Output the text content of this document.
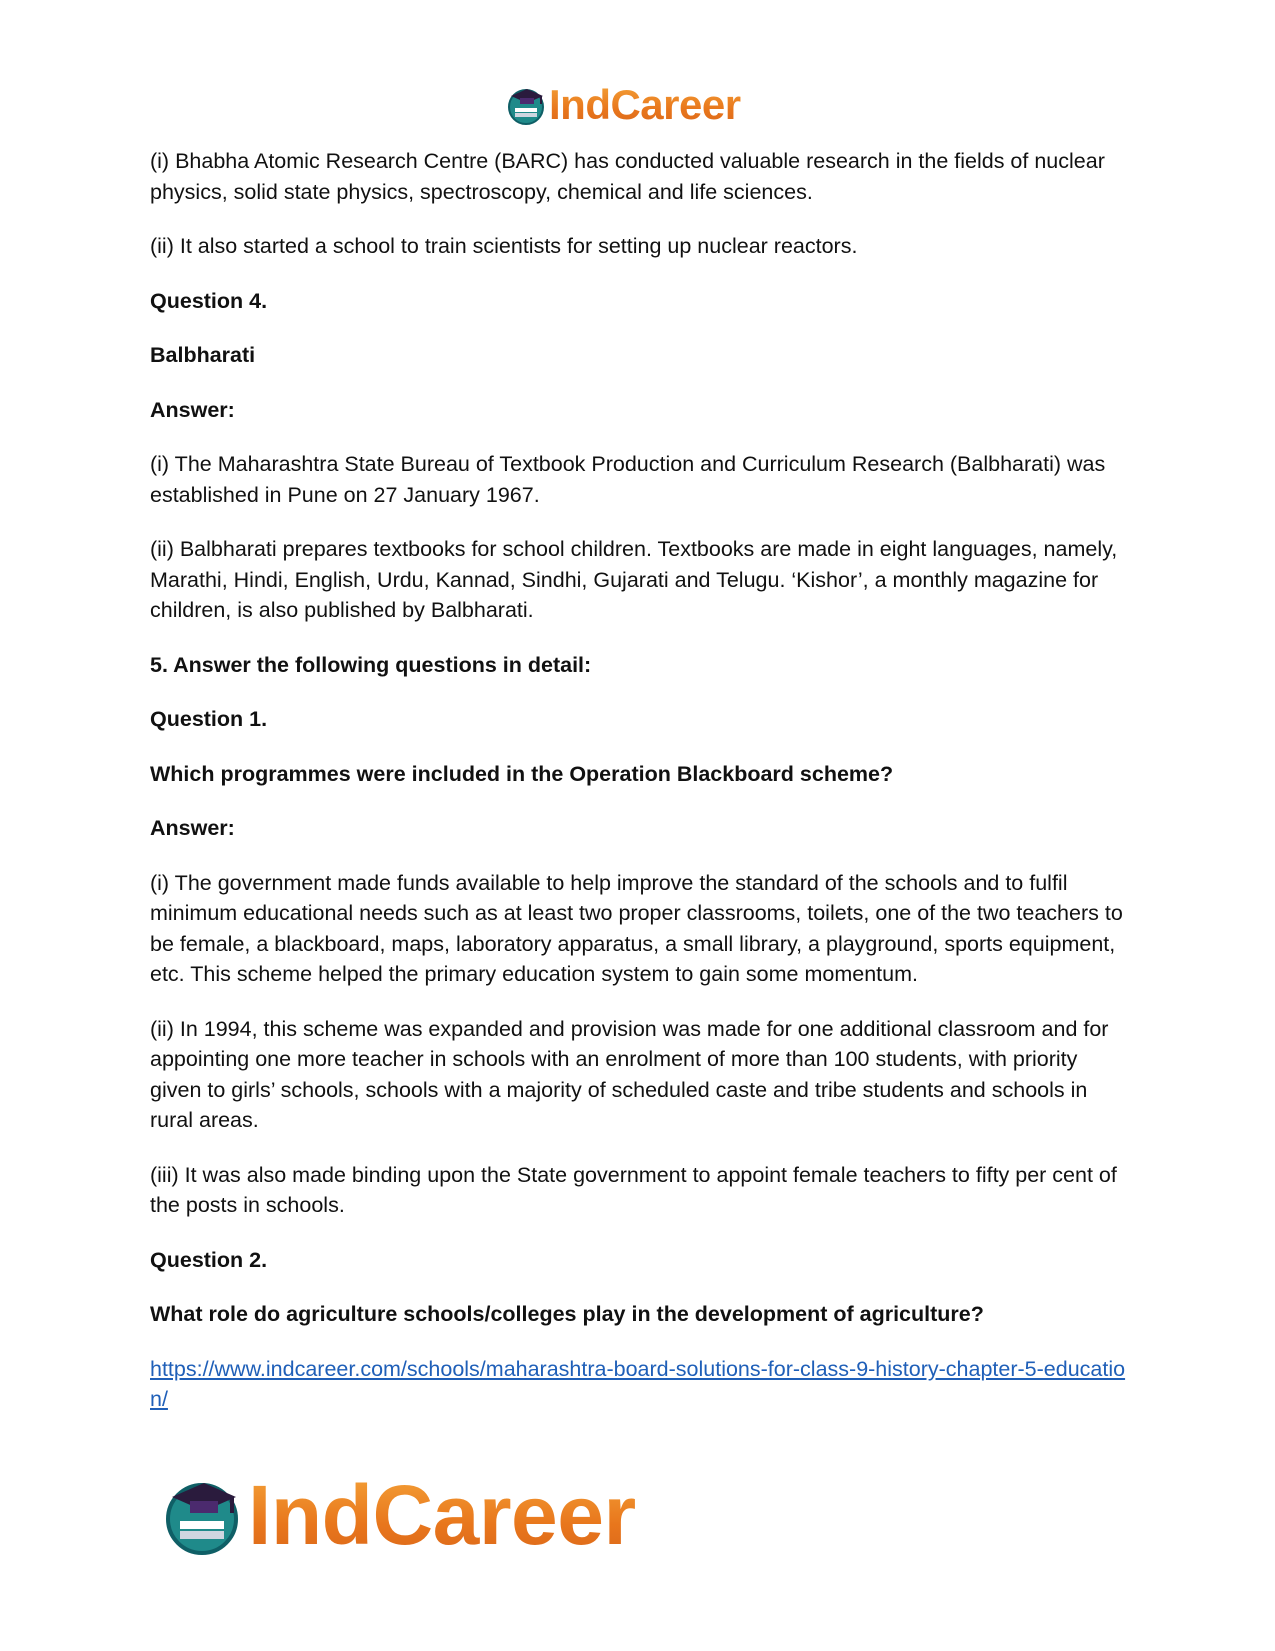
IndCareer

(i) Bhabha Atomic Research Centre (BARC) has conducted valuable research in the fields of nuclear physics, solid state physics, spectroscopy, chemical and life sciences.

(ii) It also started a school to train scientists for setting up nuclear reactors.

Question 4.

Balbharati

Answer:

(i) The Maharashtra State Bureau of Textbook Production and Curriculum Research (Balbharati) was established in Pune on 27 January 1967.

(ii) Balbharati prepares textbooks for school children. Textbooks are made in eight languages, namely, Marathi, Hindi, English, Urdu, Kannad, Sindhi, Gujarati and Telugu. ‘Kishor’, a monthly magazine for children, is also published by Balbharati.

5. Answer the following questions in detail:

Question 1.

Which programmes were included in the Operation Blackboard scheme?

Answer:

(i) The government made funds available to help improve the standard of the schools and to fulfil minimum educational needs such as at least two proper classrooms, toilets, one of the two teachers to be female, a blackboard, maps, laboratory apparatus, a small library, a playground, sports equipment, etc. This scheme helped the primary education system to gain some momentum.

(ii) In 1994, this scheme was expanded and provision was made for one additional classroom and for appointing one more teacher in schools with an enrolment of more than 100 students, with priority given to girls’ schools, schools with a majority of scheduled caste and tribe students and schools in rural areas.

(iii) It was also made binding upon the State government to appoint female teachers to fifty per cent of the posts in schools.

Question 2.

What role do agriculture schools/colleges play in the development of agriculture?

https://www.indcareer.com/schools/maharashtra-board-solutions-for-class-9-history-chapter-5-education/

IndCareer
